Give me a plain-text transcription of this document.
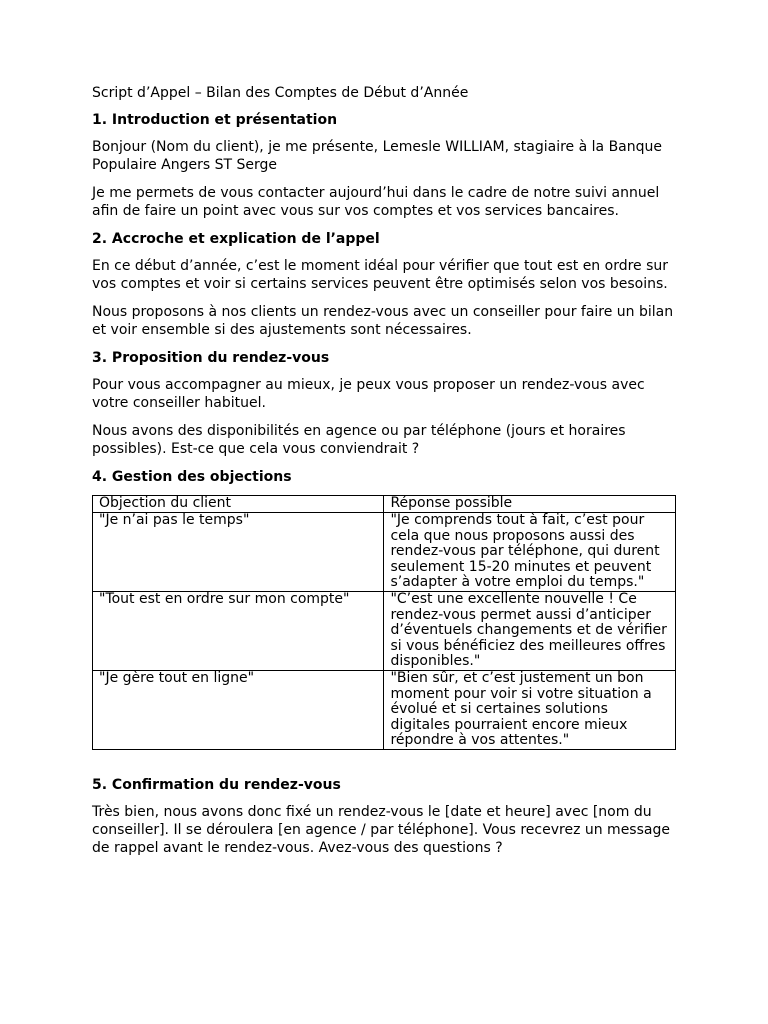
Script d’Appel – Bilan des Comptes de Début d’Année

1. Introduction et présentation

Bonjour (Nom du client), je me présente, Lemesle WILLIAM, stagiaire à la Banque Populaire Angers ST Serge

Je me permets de vous contacter aujourd’hui dans le cadre de notre suivi annuel afin de faire un point avec vous sur vos comptes et vos services bancaires.

2. Accroche et explication de l’appel

En ce début d’année, c’est le moment idéal pour vérifier que tout est en ordre sur vos comptes et voir si certains services peuvent être optimisés selon vos besoins.

Nous proposons à nos clients un rendez-vous avec un conseiller pour faire un bilan et voir ensemble si des ajustements sont nécessaires.

3. Proposition du rendez-vous

Pour vous accompagner au mieux, je peux vous proposer un rendez-vous avec votre conseiller habituel.

Nous avons des disponibilités en agence ou par téléphone (jours et horaires possibles). Est-ce que cela vous conviendrait ?

4. Gestion des objections
Objection du client	Réponse possible
"Je n’ai pas le temps"	"Je comprends tout à fait, c’est pour cela que nous proposons aussi des rendez-vous par téléphone, qui durent seulement 15-20 minutes et peuvent s’adapter à votre emploi du temps."
"Tout est en ordre sur mon compte"	"C’est une excellente nouvelle ! Ce rendez-vous permet aussi d’anticiper d’éventuels changements et de vérifier si vous bénéficiez des meilleures offres disponibles."
"Je gère tout en ligne"	"Bien sûr, et c’est justement un bon moment pour voir si votre situation a évolué et si certaines solutions digitales pourraient encore mieux répondre à vos attentes."
5. Confirmation du rendez-vous

Très bien, nous avons donc fixé un rendez-vous le [date et heure] avec [nom du conseiller]. Il se déroulera [en agence / par téléphone]. Vous recevrez un message de rappel avant le rendez-vous. Avez-vous des questions ?
